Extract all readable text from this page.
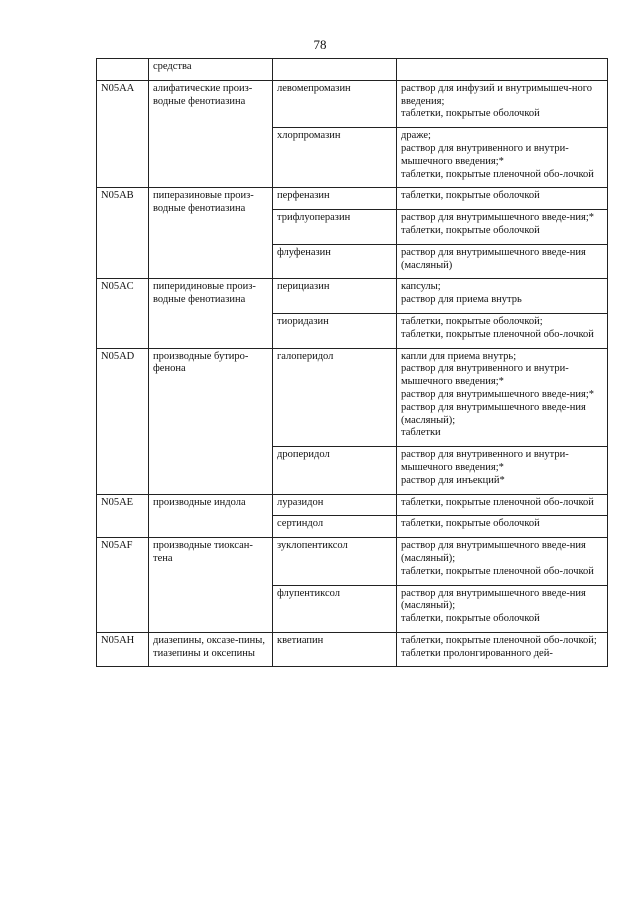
78
	средства		
N05AA	алифатические произ-водные фенотиазина	левомепромазин	раствор для инфузий и внутримышеч-ного введения;
таблетки, покрытые оболочкой

		хлорпромазин	драже;
раствор для внутривенного и внутри-мышечного введения;*
таблетки, покрытые пленочной обо-лочкой

N05AB	пиперазиновые произ-водные фенотиазина	перфеназин	таблетки, покрытые оболочкой

		трифлуоперазин	раствор для внутримышечного введе-ния;*
таблетки, покрытые оболочкой

		флуфеназин	раствор для внутримышечного введе-ния (масляный)

N05AC	пиперидиновые произ-водные фенотиазина	перициазин	капсулы;
раствор для приема внутрь

		тиоридазин	таблетки, покрытые оболочкой;
таблетки, покрытые пленочной обо-лочкой

N05AD	производные бутиро-фенона	галоперидол	капли для приема внутрь;
раствор для внутривенного и внутри-мышечного введения;*
раствор для внутримышечного введе-ния;*
раствор для внутримышечного введе-ния (масляный);
таблетки

		дроперидол	раствор для внутривенного и внутри-мышечного введения;*
раствор для инъекций*

N05AE	производные индола	луразидон	таблетки, покрытые пленочной обо-лочкой

		сертиндол	таблетки, покрытые оболочкой

N05AF	производные тиоксан-тена	зуклопентиксол	раствор для внутримышечного введе-ния (масляный);
таблетки, покрытые пленочной обо-лочкой

		флупентиксол	раствор для внутримышечного введе-ния (масляный);
таблетки, покрытые оболочкой

N05AH	диазепины, оксазе-пины, тиазепины и оксепины	кветиапин	таблетки, покрытые пленочной обо-лочкой;
таблетки пролонгированного дей-
